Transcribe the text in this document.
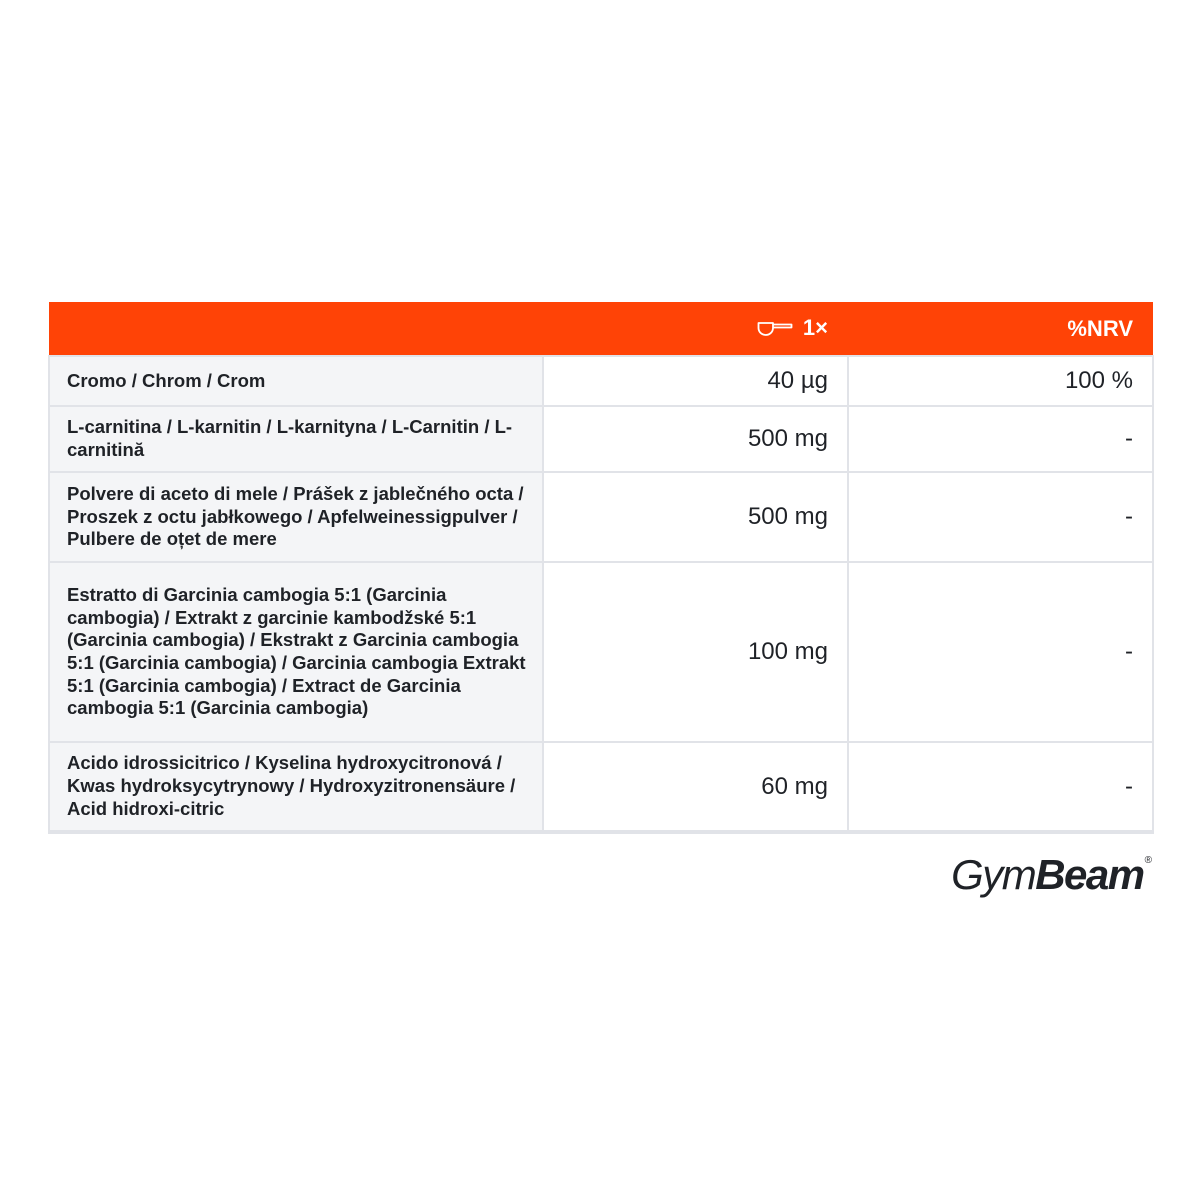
	1×	%NRV
Cromo / Chrom / Crom	40 µg	100 %
L-carnitina / L-karnitin / L-karnityna / L-Carnitin / L-carnitină	500 mg	-
Polvere di aceto di mele / Prášek z jablečného octa / Proszek z octu jabłkowego / Apfelweinessigpulver / Pulbere de oțet de mere	500 mg	-
Estratto di Garcinia cambogia 5:1 (Garcinia cambogia) / Extrakt z garcinie kambodžské 5:1 (Garcinia cambogia) / Ekstrakt z Garcinia cambogia 5:1 (Garcinia cambogia) / Garcinia cambogia Extrakt 5:1 (Garcinia cambogia) / Extract de Garcinia cambogia 5:1 (Garcinia cambogia)	100 mg	-
Acido idrossicitrico / Kyselina hydroxycitronová / Kwas hydroksycytrynowy / Hydroxyzitronensäure / Acid hidroxi-citric	60 mg	-
Gym Beam ®
